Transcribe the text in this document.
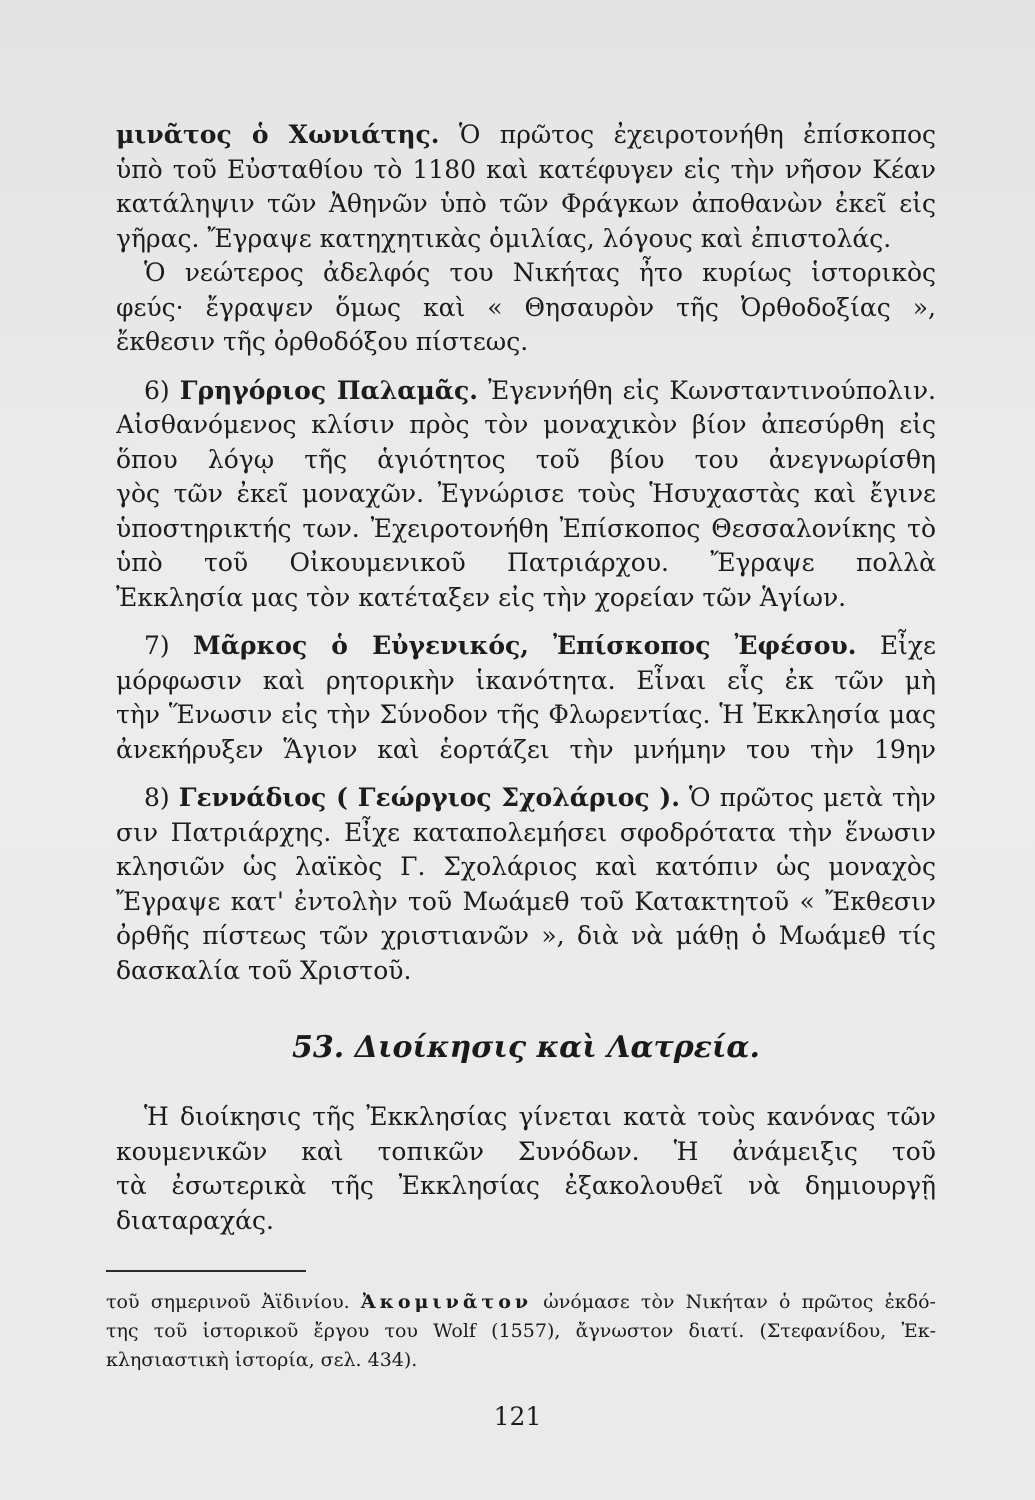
μινᾶτος ὁ Χωνιάτης. Ὁ πρῶτος ἐχειροτονήθη ἐπίσκοπος
ὑπὸ τοῦ Εὐσταθίου τὸ 1180 καὶ κατέφυγεν εἰς τὴν νῆσον Κέαν
κατάληψιν τῶν Ἀθηνῶν ὑπὸ τῶν Φράγκων ἀποθανὼν ἐκεῖ εἰς
γῆρας. Ἔγραψε κατηχητικὰς ὁμιλίας, λόγους καὶ ἐπιστολάς.
Ὁ νεώτερος ἀδελφός του Νικήτας ἦτο κυρίως ἱστορικὸς
φεύς· ἔγραψεν ὅμως καὶ « Θησαυρὸν τῆς Ὀρθοδοξίας »,
ἔκθεσιν τῆς ὀρθοδόξου πίστεως.
6) Γρηγόριος Παλαμᾶς. Ἐγεννήθη εἰς Κωνσταντινούπολιν.
Αἰσθανόμενος κλίσιν πρὸς τὸν μοναχικὸν βίον ἀπεσύρθη εἰς
ὅπου λόγῳ τῆς ἁγιότητος τοῦ βίου του ἀνεγνωρίσθη
γὸς τῶν ἐκεῖ μοναχῶν. Ἐγνώρισε τοὺς Ἡσυχαστὰς καὶ ἔγινε
ὑποστηρικτής των. Ἐχειροτονήθη Ἐπίσκοπος Θεσσαλονίκης τὸ
ὑπὸ τοῦ Οἰκουμενικοῦ Πατριάρχου. Ἔγραψε πολλὰ
Ἐκκλησία μας τὸν κατέταξεν εἰς τὴν χορείαν τῶν Ἁγίων.
7) Μᾶρκος ὁ Εὐγενικός, Ἐπίσκοπος Ἐφέσου. Εἶχε
μόρφωσιν καὶ ρητορικὴν ἱκανότητα. Εἶναι εἷς ἐκ τῶν μὴ
τὴν Ἕνωσιν εἰς τὴν Σύνοδον τῆς Φλωρεντίας. Ἡ Ἐκκλησία μας
ἀνεκήρυξεν Ἅγιον καὶ ἑορτάζει τὴν μνήμην του τὴν 19ην
8) Γεννάδιος ( Γεώργιος Σχολάριος ). Ὁ πρῶτος μετὰ τὴν
σιν Πατριάρχης. Εἶχε καταπολεμήσει σφοδρότατα τὴν ἕνωσιν
κλησιῶν ὡς λαϊκὸς Γ. Σχολάριος καὶ κατόπιν ὡς μοναχὸς
Ἔγραψε κατ' ἐντολὴν τοῦ Μωάμεθ τοῦ Κατακτητοῦ « Ἔκθεσιν
ὀρθῆς πίστεως τῶν χριστιανῶν », διὰ νὰ μάθῃ ὁ Μωάμεθ τίς
δασκαλία τοῦ Χριστοῦ.
53. Διοίκησις καὶ Λατρεία.
Ἡ διοίκησις τῆς Ἐκκλησίας γίνεται κατὰ τοὺς κανόνας τῶν
κουμενικῶν καὶ τοπικῶν Συνόδων. Ἡ ἀνάμειξις τοῦ
τὰ ἐσωτερικὰ τῆς Ἐκκλησίας ἐξακολουθεῖ νὰ δημιουργῇ
διαταραχάς.
τοῦ σημερινοῦ Ἀϊδινίου. Ἀκομινᾶτον ὠνόμασε τὸν Νικήταν ὁ πρῶτος ἐκδό-
της τοῦ ἱστορικοῦ ἔργου του Wolf (1557), ἄγνωστον διατί. (Στεφανίδου, Ἐκ-
κλησιαστικὴ ἱστορία, σελ. 434).
121
